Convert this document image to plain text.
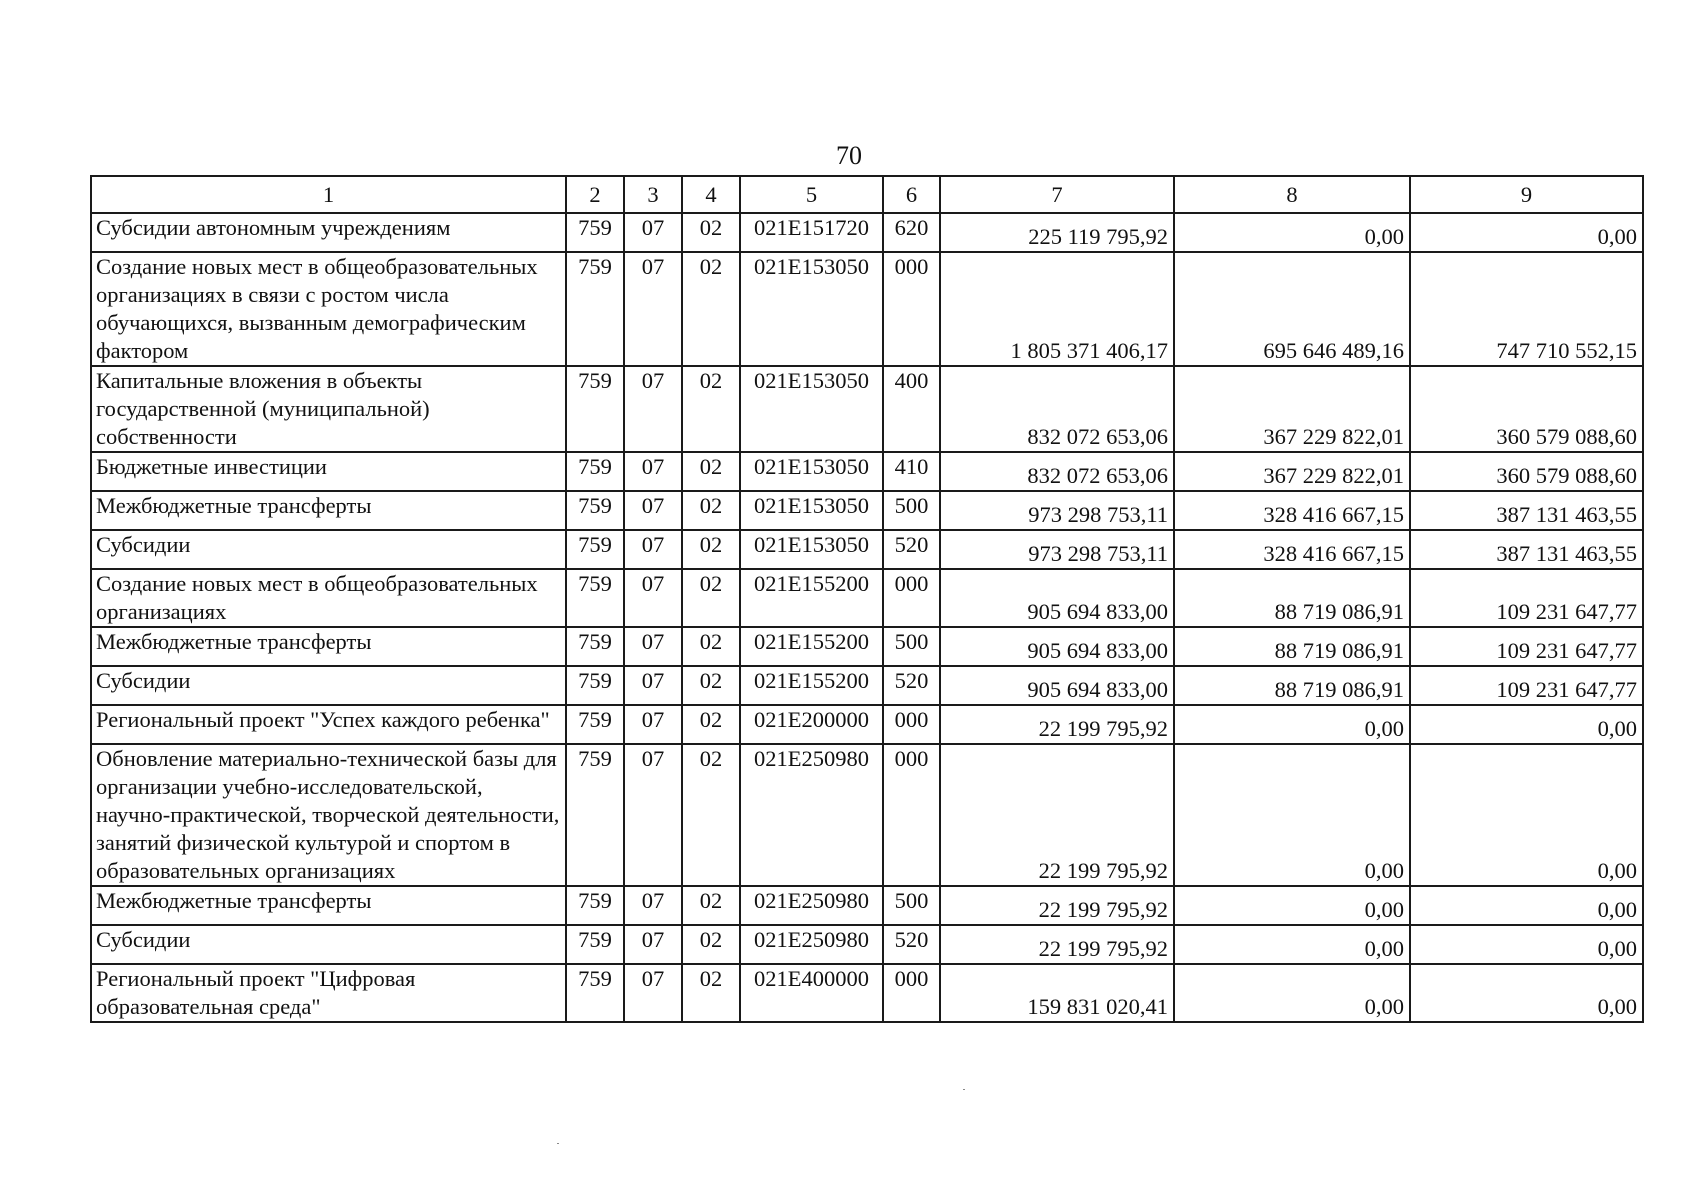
70
1	2	3	4	5	6	7	8	9
Субсидии автономным учреждениям	759	07	02	021E151720	620	225 119 795,92	0,00	0,00
Создание новых мест в общеобразовательных организациях в связи с ростом числа обучающихся, вызванным демографическим фактором	759	07	02	021E153050	000	1 805 371 406,17	695 646 489,16	747 710 552,15
Капитальные вложения в объекты государственной (муниципальной) собственности	759	07	02	021E153050	400	832 072 653,06	367 229 822,01	360 579 088,60
Бюджетные инвестиции	759	07	02	021E153050	410	832 072 653,06	367 229 822,01	360 579 088,60
Межбюджетные трансферты	759	07	02	021E153050	500	973 298 753,11	328 416 667,15	387 131 463,55
Субсидии	759	07	02	021E153050	520	973 298 753,11	328 416 667,15	387 131 463,55
Создание новых мест в общеобразовательных организациях	759	07	02	021E155200	000	905 694 833,00	88 719 086,91	109 231 647,77
Межбюджетные трансферты	759	07	02	021E155200	500	905 694 833,00	88 719 086,91	109 231 647,77
Субсидии	759	07	02	021E155200	520	905 694 833,00	88 719 086,91	109 231 647,77
Региональный проект "Успех каждого ребенка"	759	07	02	021E200000	000	22 199 795,92	0,00	0,00
Обновление материально-технической базы для организации учебно-исследовательской, научно-практической, творческой деятельности, занятий физической культурой и спортом в образовательных организациях	759	07	02	021E250980	000	22 199 795,92	0,00	0,00
Межбюджетные трансферты	759	07	02	021E250980	500	22 199 795,92	0,00	0,00
Субсидии	759	07	02	021E250980	520	22 199 795,92	0,00	0,00
Региональный проект "Цифровая образовательная среда"	759	07	02	021E400000	000	159 831 020,41	0,00	0,00
